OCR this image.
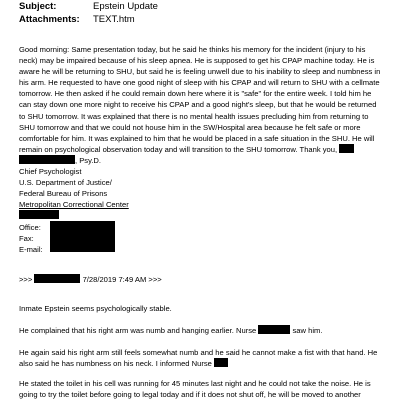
Subject:	Epstein Update
Attachments: TEXT.htm
Good morning: Same presentation today, but he said he thinks his memory for the incident (injury to his
neck) may be impaired because of his sleep apnea. He is supposed to get his CPAP machine today. He is
aware he will be returning to SHU, but said he is feeling unwell due to his inability to sleep and numbness in
his arm. He requested to have one good night of sleep with his CPAP and will return to SHU with a cellmate
tomorrow. He then asked if he could remain down here where it is "safe" for the entire week. I told him he
can stay down one more night to receive his CPAP and a good night's sleep, but that he would be returned
to SHU tomorrow. It was explained that there is no mental health issues precluding him from returning to
SHU tomorrow and that we could not house him in the SW/Hospital area because he felt safe or more
comfortable for him. It was explained to him that he would be placed in a safe situation in the SHU. He will
remain on psychological observation today and will transition to the SHU tomorrow. Thank you,
, Psy.D.
Chief Psychologist
U.S. Department of Justice/
Federal Bureau of Prisons
Metropolitan Correctional Center
Office:
Fax:
E-mail:
>>>	7/28/2019 7:49 AM >>>
Inmate Epstein seems psychologically stable.
He complained that his right arm was numb and hanging earlier. Nurse	saw him.
He again said his right arm still feels somewhat numb and he said he cannot make a fist with that hand. He
also said he has numbness on his neck. I informed Nurse
He stated the toilet in his cell was running for 45 minutes last night and he could not take the noise. He is
going to try the toilet before going to legal today and if it does not shut off, he will be moved to another
